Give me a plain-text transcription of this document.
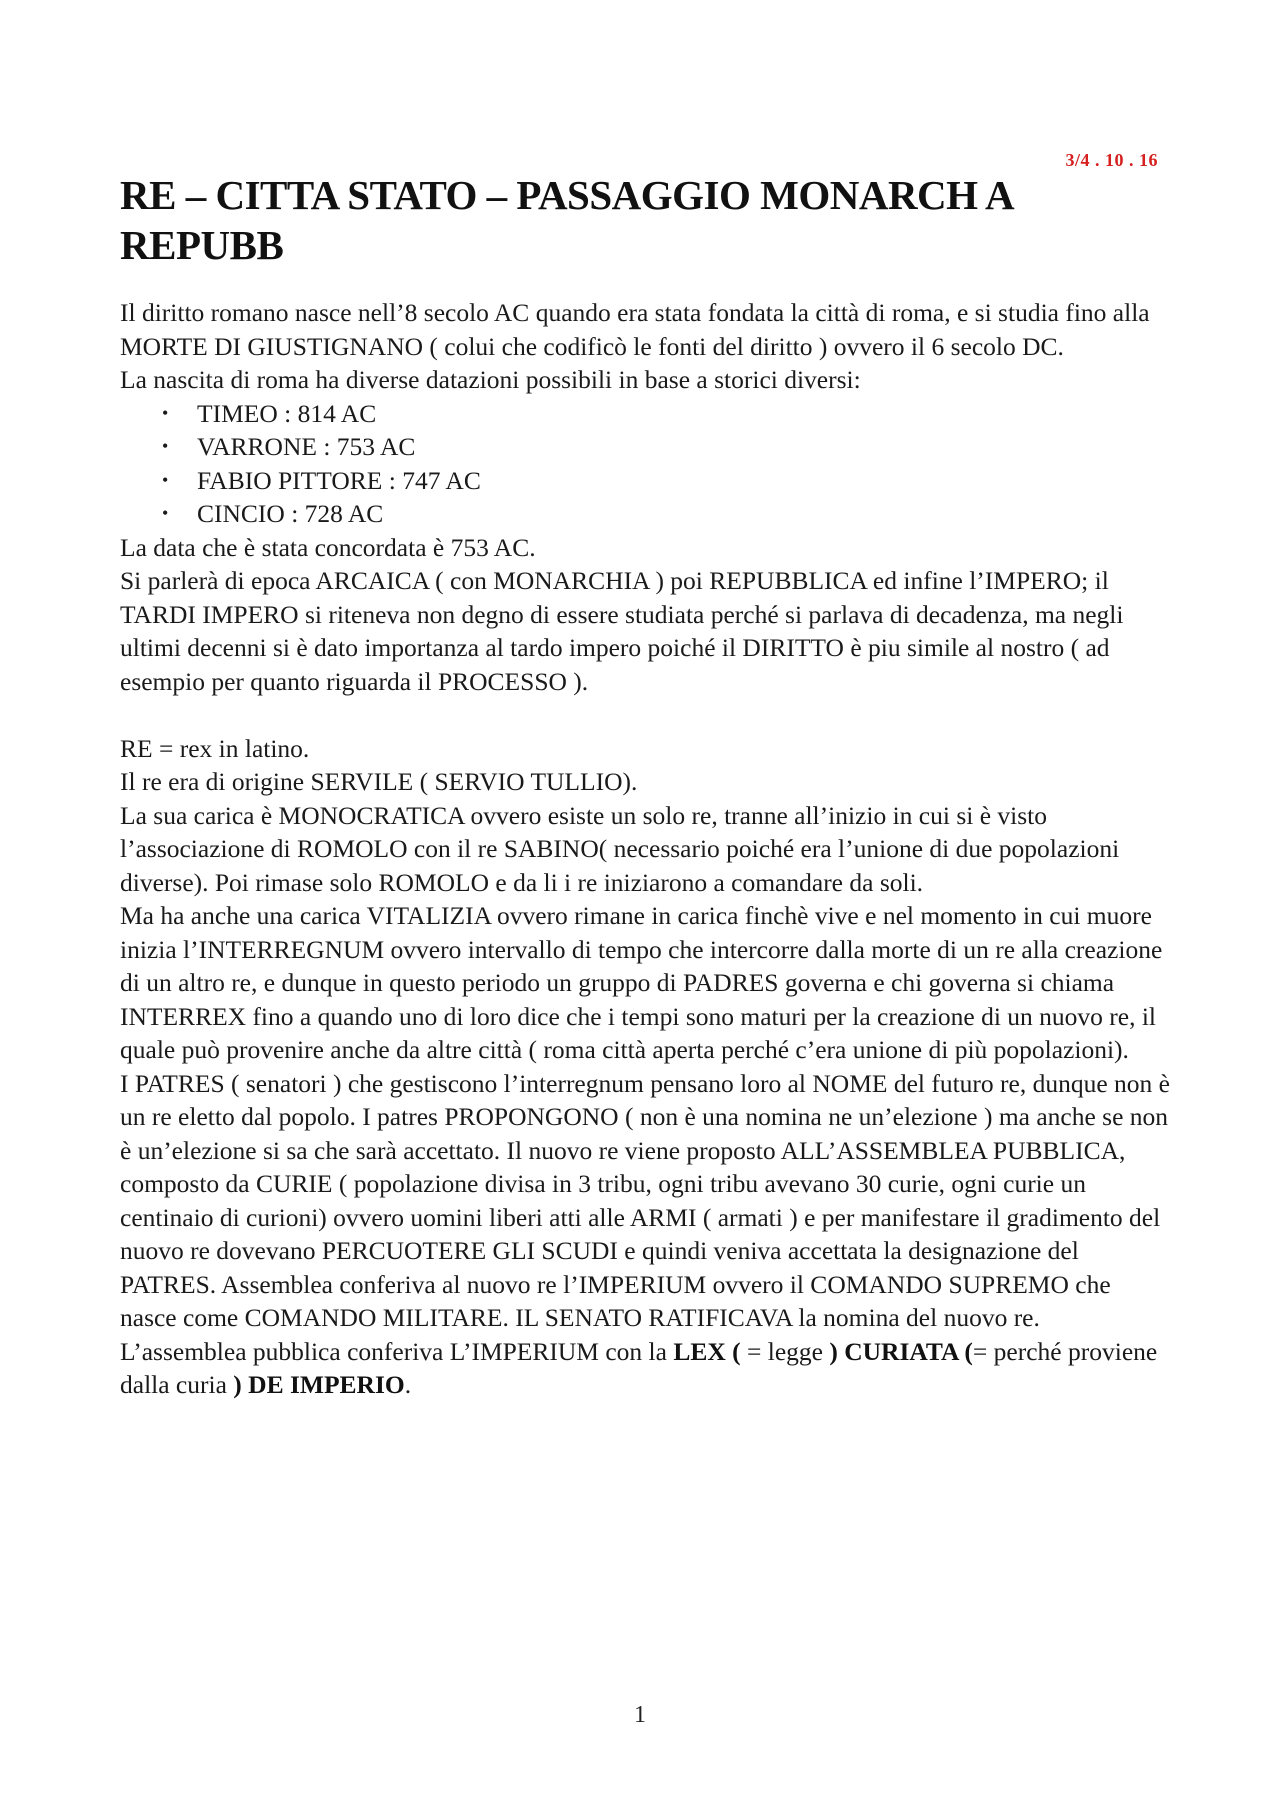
3/4 . 10 . 16
RE – CITTA STATO – PASSAGGIO MONARCH A REPUBB

Il diritto romano nasce nell’8 secolo AC quando era stata fondata la città di roma, e si studia fino alla MORTE DI GIUSTIGNANO ( colui che codificò le fonti del diritto ) ovvero il 6 secolo DC.

La nascita di roma ha diverse datazioni possibili in base a storici diversi:

• TIMEO : 814 AC
• VARRONE : 753 AC
• FABIO PITTORE : 747 AC
• CINCIO : 728 AC

La data che è stata concordata è 753 AC.

Si parlerà di epoca ARCAICA ( con MONARCHIA ) poi REPUBBLICA ed infine l’IMPERO; il TARDI IMPERO si riteneva non degno di essere studiata perché si parlava di decadenza, ma negli ultimi decenni si è dato importanza al tardo impero poiché il DIRITTO è piu simile al nostro ( ad esempio per quanto riguarda il PROCESSO ).

RE = rex in latino.

Il re era di origine SERVILE ( SERVIO TULLIO).

La sua carica è MONOCRATICA ovvero esiste un solo re, tranne all’inizio in cui si è visto l’associazione di ROMOLO con il re SABINO( necessario poiché era l’unione di due popolazioni diverse). Poi rimase solo ROMOLO e da li i re iniziarono a comandare da soli.

Ma ha anche una carica VITALIZIA ovvero rimane in carica finchè vive e nel momento in cui muore inizia l’INTERREGNUM ovvero intervallo di tempo che intercorre dalla morte di un re alla creazione di un altro re, e dunque in questo periodo un gruppo di PADRES governa e chi governa si chiama INTERREX fino a quando uno di loro dice che i tempi sono maturi per la creazione di un nuovo re, il quale può provenire anche da altre città ( roma città aperta perché c’era unione di più popolazioni).

I PATRES ( senatori ) che gestiscono l’interregnum pensano loro al NOME del futuro re, dunque non è un re eletto dal popolo. I patres PROPONGONO ( non è una nomina ne un’elezione ) ma anche se non è un’elezione si sa che sarà accettato. Il nuovo re viene proposto ALL’ASSEMBLEA PUBBLICA, composto da CURIE ( popolazione divisa in 3 tribu, ogni tribu avevano 30 curie, ogni curie un centinaio di curioni) ovvero uomini liberi atti alle ARMI ( armati ) e per manifestare il gradimento del nuovo re dovevano PERCUOTERE GLI SCUDI e quindi veniva accettata la designazione del PATRES. Assemblea conferiva al nuovo re l’IMPERIUM ovvero il COMANDO SUPREMO che nasce come COMANDO MILITARE. IL SENATO RATIFICAVA la nomina del nuovo re. L’assemblea pubblica conferiva L’IMPERIUM con la LEX ( = legge ) CURIATA (= perché proviene dalla curia ) DE IMPERIO.

1
